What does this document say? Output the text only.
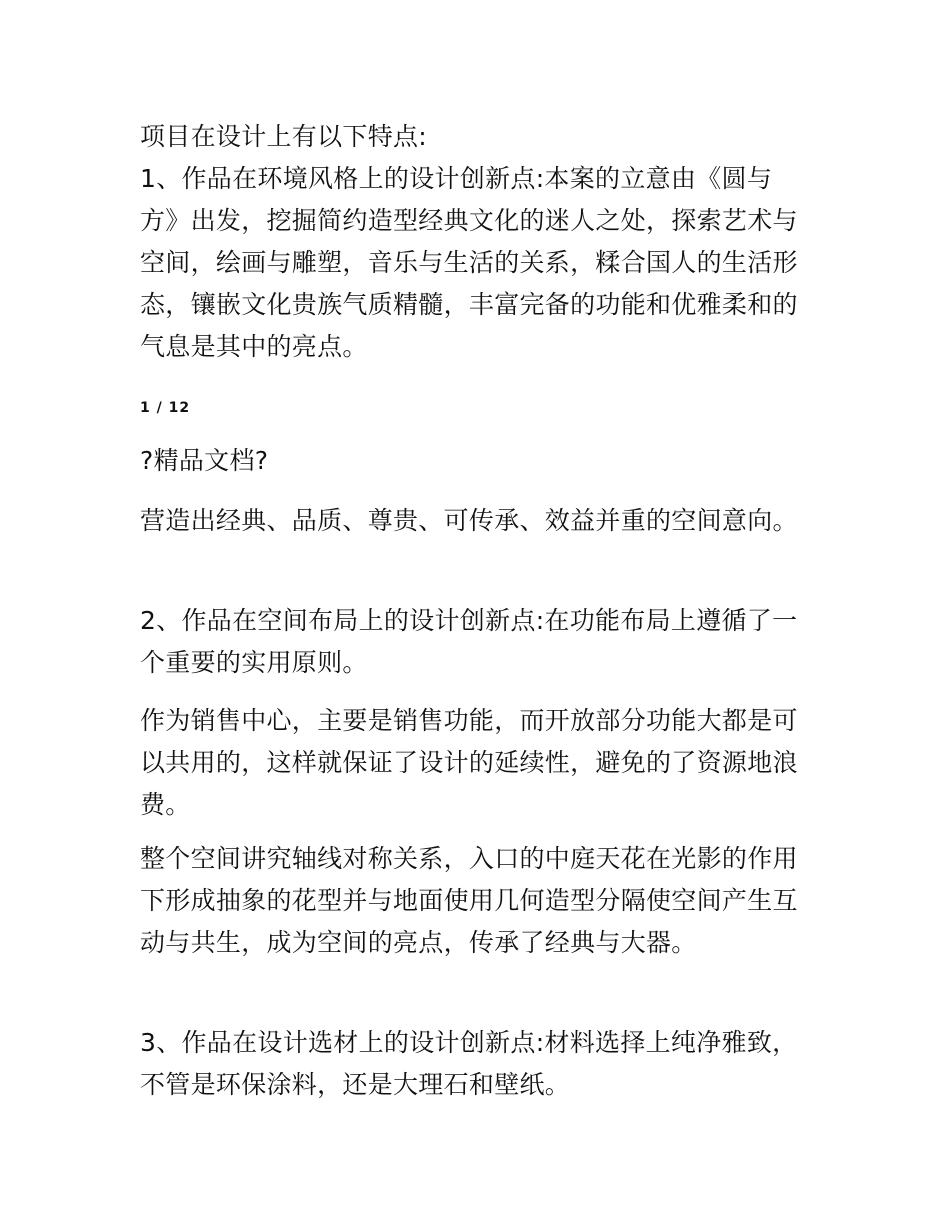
项目在设计上有以下特点:

1、作品在环境风格上的设计创新点:本案的立意由《圆与方》出发，挖掘简约造型经典文化的迷人之处，探索艺术与空间，绘画与雕塑，音乐与生活的关系，糅合国人的生活形态，镶嵌文化贵族气质精髓，丰富完备的功能和优雅柔和的气息是其中的亮点。

1 / 12

?精品文档?

营造出经典、品质、尊贵、可传承、效益并重的空间意向。

2、作品在空间布局上的设计创新点:在功能布局上遵循了一个重要的实用原则。

作为销售中心，主要是销售功能，而开放部分功能大都是可以共用的，这样就保证了设计的延续性，避免的了资源地浪费。

整个空间讲究轴线对称关系，入口的中庭天花在光影的作用下形成抽象的花型并与地面使用几何造型分隔使空间产生互动与共生，成为空间的亮点，传承了经典与大器。

3、作品在设计选材上的设计创新点:材料选择上纯净雅致，不管是环保涂料，还是大理石和壁纸。
